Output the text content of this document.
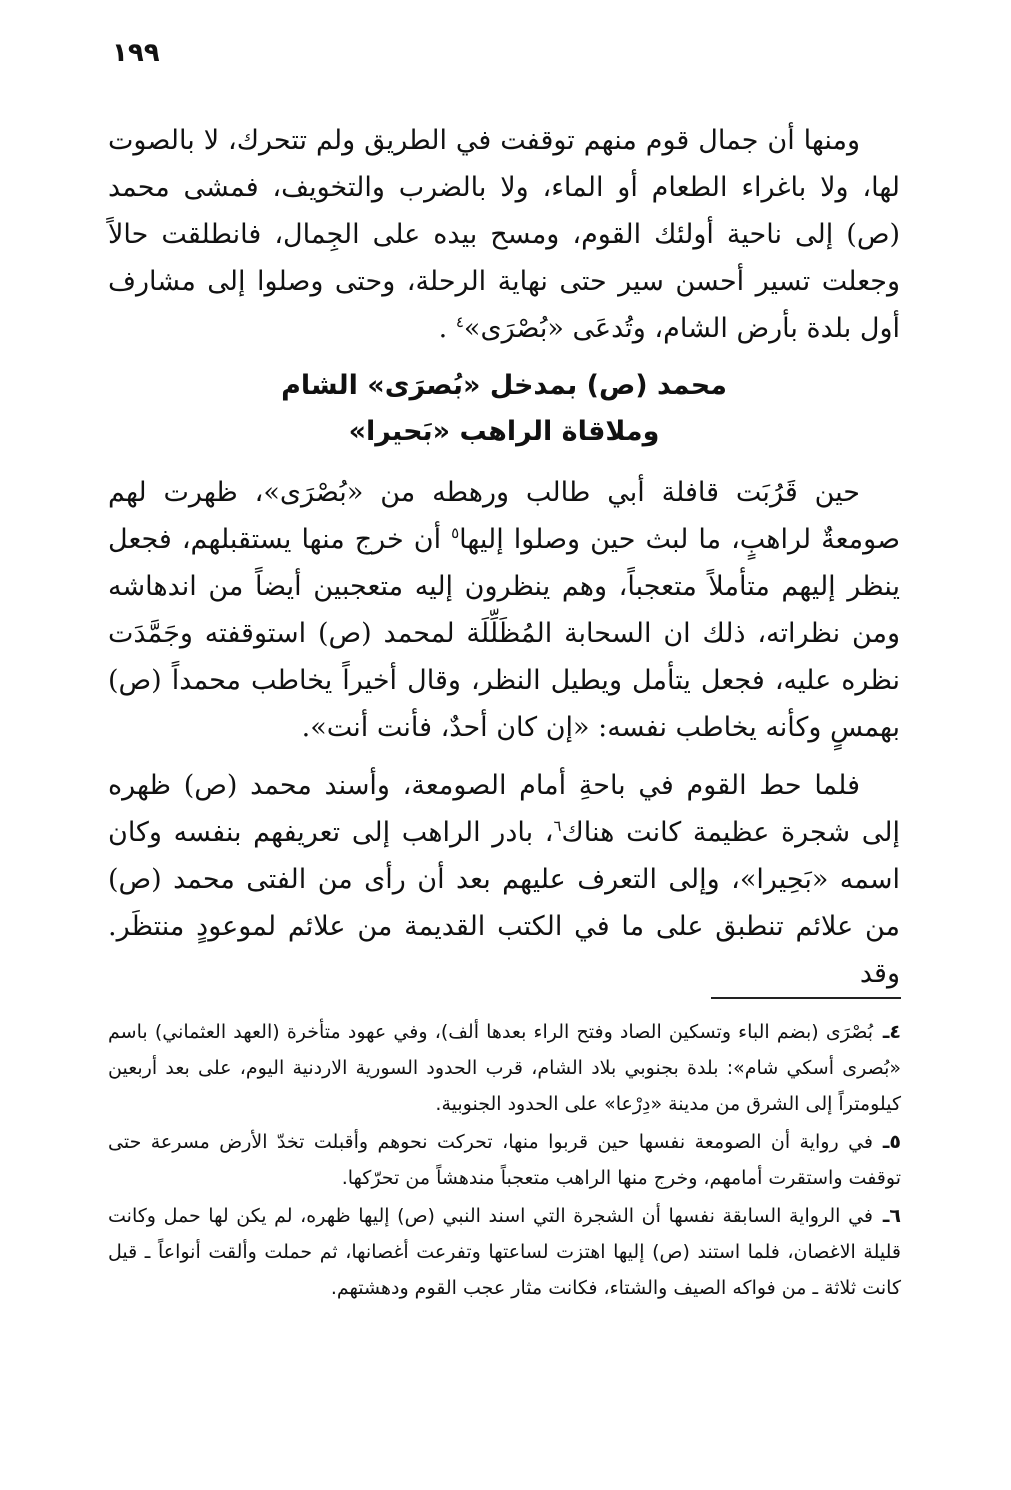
١٩٩

ومنها أن جمال قوم منهم توقفت في الطريق ولم تتحرك، لا بالصوت لها، ولا باغراء الطعام أو الماء، ولا بالضرب والتخويف، فمشى محمد (ص) إلى ناحية أولئك القوم، ومسح بيده على الجِمال، فانطلقت حالاً وجعلت تسير أحسن سير حتى نهاية الرحلة، وحتى وصلوا إلى مشارف أول بلدة بأرض الشام، وتُدعَى «بُصْرَى»$^٤$ .

محمد (ص) بمدخل «بُصرَى» الشام
وملاقاة الراهب «بَحيرا»

حين قَرُبَت قافلة أبي طالب ورهطه من «بُصْرَى»، ظهرت لهم صومعةٌ لراهبٍ، ما لبث حين وصلوا إليها$^٥$ أن خرج منها يستقبلهم، فجعل ينظر إليهم متأملاً متعجباً، وهم ينظرون إليه متعجبين أيضاً من اندهاشه ومن نظراته، ذلك ان السحابة المُظَلِّلَة لمحمد (ص) استوقفته وجَمَّدَت نظره عليه، فجعل يتأمل ويطيل النظر، وقال أخيراً يخاطب محمداً (ص) بهمسٍ وكأنه يخاطب نفسه: «إن كان أحدٌ، فأنت أنت».

فلما حط القوم في باحةِ أمام الصومعة، وأسند محمد (ص) ظهره إلى شجرة عظيمة كانت هناك$^٦$، بادر الراهب إلى تعريفهم بنفسه وكان اسمه «بَحِيرا»، وإلى التعرف عليهم بعد أن رأى من الفتى محمد (ص) من علائم تنطبق على ما في الكتب القديمة من علائم لموعودٍ منتظَر. وقد

٤ـبُصْرَى (بضم الباء وتسكين الصاد وفتح الراء بعدها ألف)، وفي عهود متأخرة (العهد العثماني) باسم «بُصرى أسكي شام»: بلدة بجنوبي بلاد الشام، قرب الحدود السورية الاردنية اليوم، على بعد أربعين كيلومتراً إلى الشرق من مدينة «دِرْعا» على الحدود الجنوبية.

٥ـفي رواية أن الصومعة نفسها حين قربوا منها، تحركت نحوهم وأقبلت تخدّ الأرض مسرعة حتى توقفت واستقرت أمامهم، وخرج منها الراهب متعجباً مندهشاً من تحرّكها.

٦ـفي الرواية السابقة نفسها أن الشجرة التي اسند النبي (ص) إليها ظهره، لم يكن لها حمل وكانت قليلة الاغصان، فلما استند (ص) إليها اهتزت لساعتها وتفرعت أغصانها، ثم حملت وألقت أنواعاً ـ قيل كانت ثلاثة ـ من فواكه الصيف والشتاء، فكانت مثار عجب القوم ودهشتهم.
